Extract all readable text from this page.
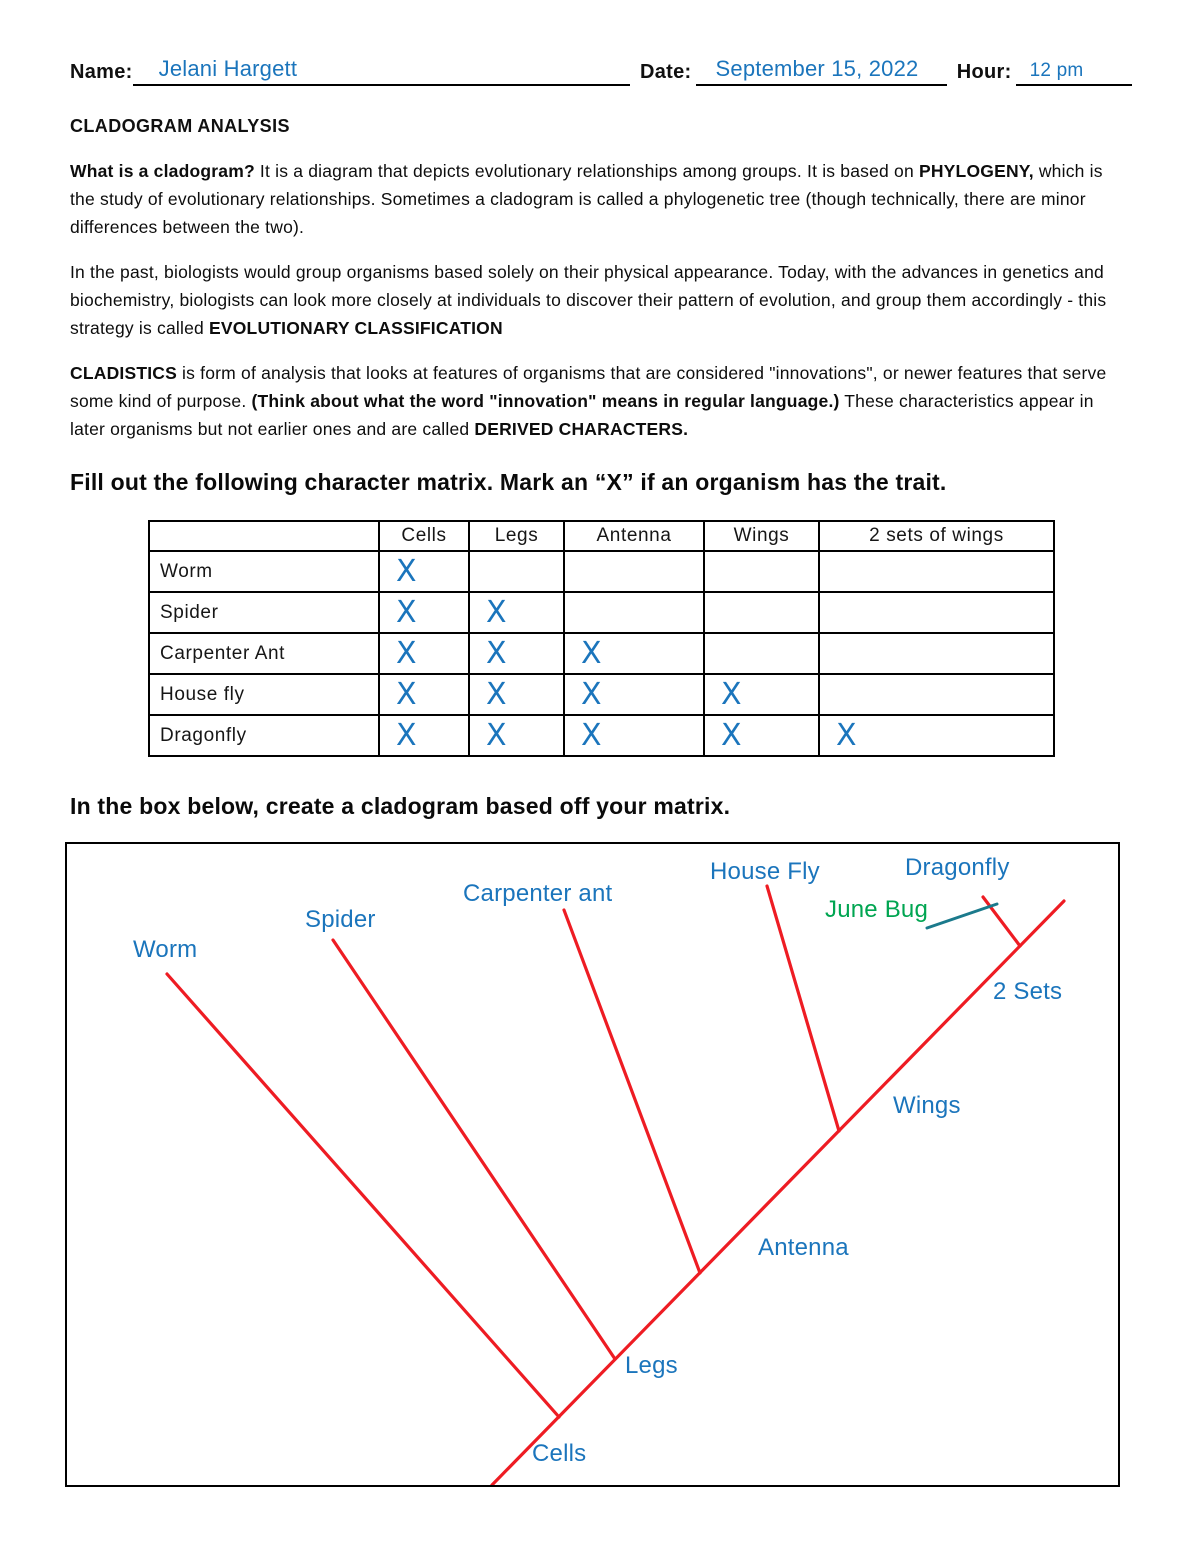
Name: Jelani Hargett	Date: September 15, 2022 Hour: 12 pm
CLADOGRAM ANALYSIS

What is a cladogram? It is a diagram that depicts evolutionary relationships among groups. It is based on PHYLOGENY, which is the study of evolutionary relationships. Sometimes a cladogram is called a phylogenetic tree (though technically, there are minor differences between the two).

In the past, biologists would group organisms based solely on their physical appearance. Today, with the advances in genetics and biochemistry, biologists can look more closely at individuals to discover their pattern of evolution, and group them accordingly - this strategy is called EVOLUTIONARY CLASSIFICATION

CLADISTICS is form of analysis that looks at features of organisms that are considered "innovations", or newer features that serve some kind of purpose. (Think about what the word "innovation" means in regular language.) These characteristics appear in later organisms but not earlier ones and are called DERIVED CHARACTERS.

Fill out the following character matrix. Mark an “X” if an organism has the trait.
	Cells	Legs	Antenna	Wings	2 sets of wings
Worm	X				
Spider	X	X			
Carpenter Ant	X	X	X		
House fly	X	X	X	X	
Dragonfly	X	X	X	X	X
In the box below, create a cladogram based off your matrix.
Worm
Spider
Carpenter ant
House Fly	Dragonfly
June Bug
2 Sets
Wings
Antenna
Legs
Cells
